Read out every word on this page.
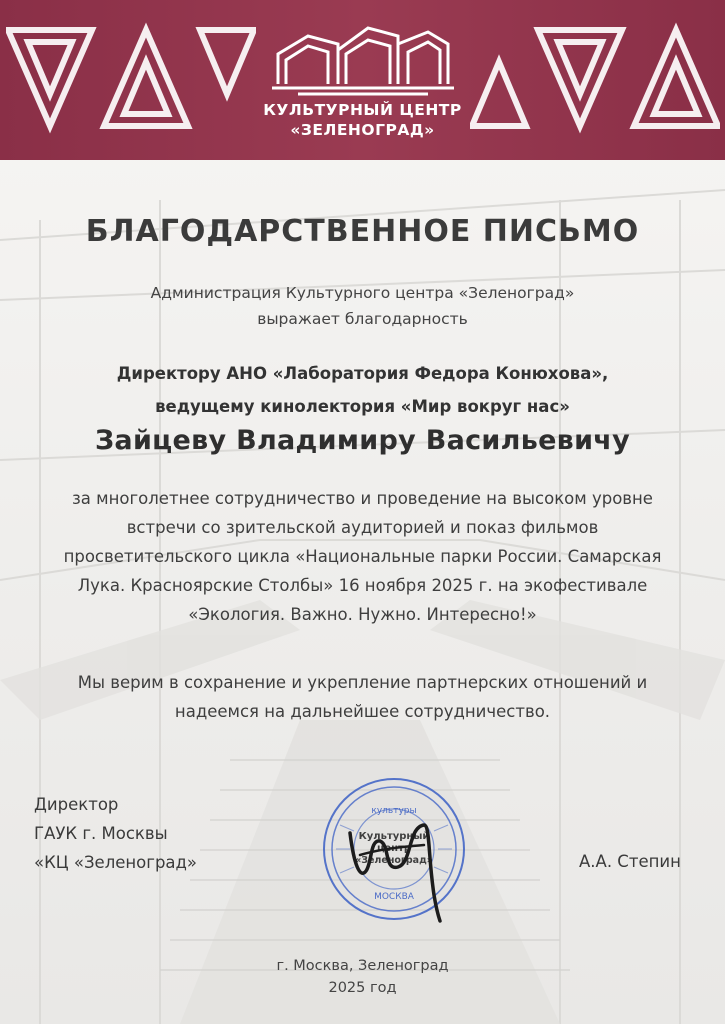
КУЛЬТУРНЫЙ ЦЕНТР
«ЗЕЛЕНОГРАД»
БЛАГОДАРСТВЕННОЕ ПИСЬМО
Администрация Культурного центра «Зеленоград»
выражает благодарность
Директору АНО «Лаборатория Федора Конюхова»,
ведущему кинолектория «Мир вокруг нас»
Зайцеву Владимиру Васильевичу
за многолетнее сотрудничество и проведение на высоком уровне
встречи со зрительской аудиторией и показ фильмов
просветительского цикла «Национальные парки России. Самарская
Лука. Красноярские Столбы» 16 ноября 2025 г. на экофестивале
«Экология. Важно. Нужно. Интересно!»
Мы верим в сохранение и укрепление партнерских отношений и
надеемся на дальнейшее сотрудничество.
Директор
ГАУК г. Москвы
«КЦ «Зеленоград»
культуры
Культурный
центр
«Зеленоград»
МОСКВА
А.А. Степин
г. Москва, Зеленоград
2025 год
